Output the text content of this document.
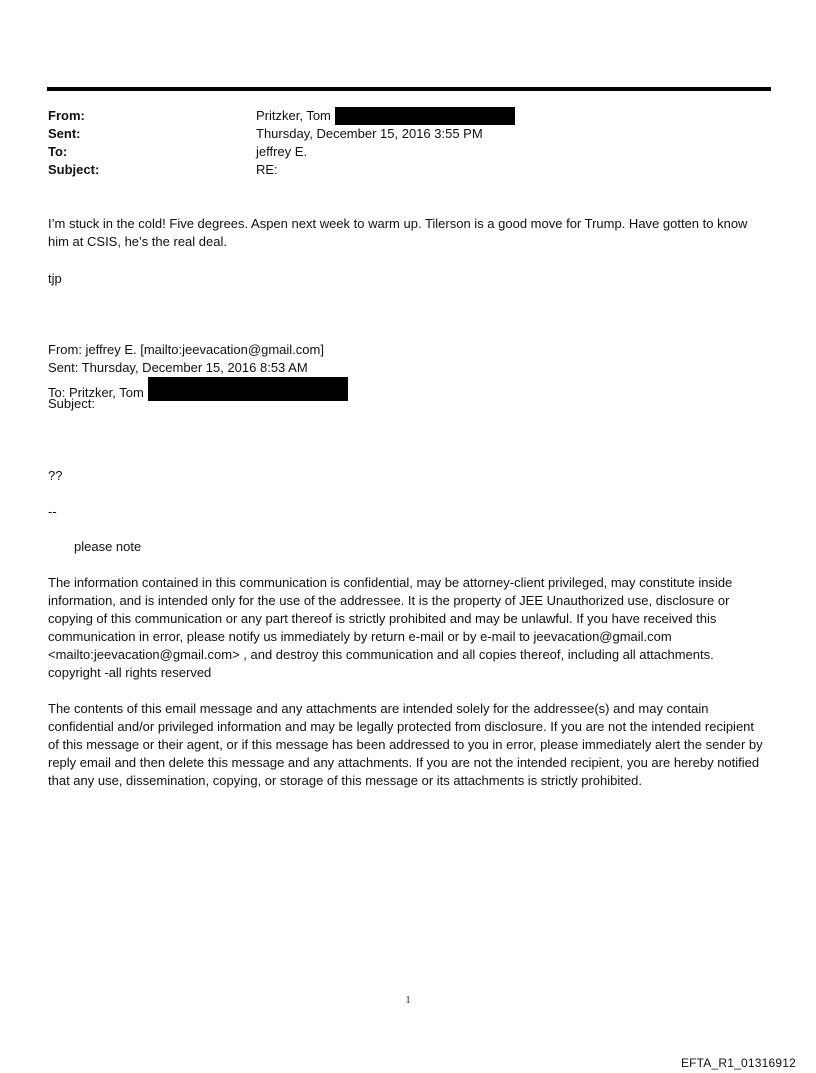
From:	Pritzker, Tom
Sent:	Thursday, December 15, 2016 3:55 PM
To:	jeffrey E.
Subject:	RE:

I’m stuck in the cold! Five degrees. Aspen next week to warm up. Tilerson is a good move for Trump. Have gotten to know him at CSIS, he’s the real deal.

tjp

From: jeffrey E. [mailto:jeevacation@gmail.com]
Sent: Thursday, December 15, 2016 8:53 AM
To: Pritzker, Tom
Subject:

??

--

please note

The information contained in this communication is confidential, may be attorney-client privileged, may constitute inside information, and is intended only for the use of the addressee. It is the property of JEE Unauthorized use, disclosure or copying of this communication or any part thereof is strictly prohibited and may be unlawful. If you have received this communication in error, please notify us immediately by return e-mail or by e-mail to jeevacation@gmail.com <mailto:jeevacation@gmail.com> , and destroy this communication and all copies thereof, including all attachments. copyright -all rights reserved

The contents of this email message and any attachments are intended solely for the addressee(s) and may contain confidential and/or privileged information and may be legally protected from disclosure. If you are not the intended recipient of this message or their agent, or if this message has been addressed to you in error, please immediately alert the sender by reply email and then delete this message and any attachments. If you are not the intended recipient, you are hereby notified that any use, dissemination, copying, or storage of this message or its attachments is strictly prohibited.

1
EFTA_R1_01316912
